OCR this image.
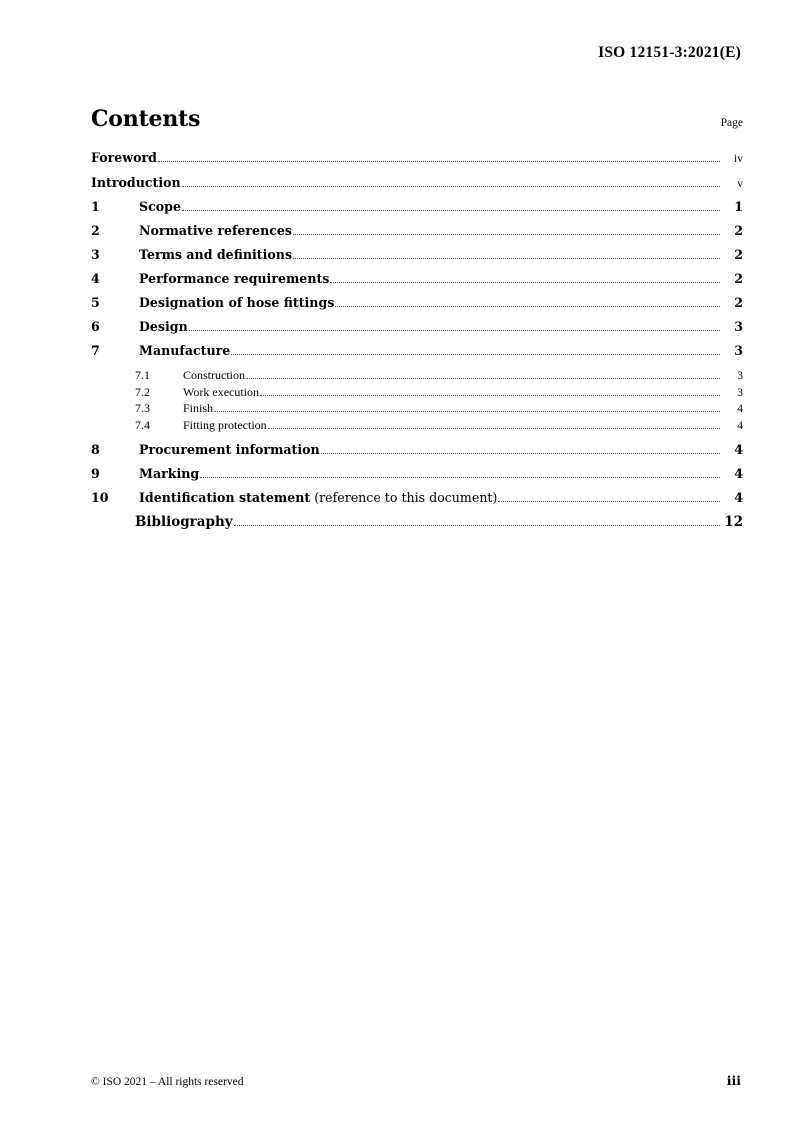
ISO 12151-3:2021(E)
Contents	Page
Foreword	iv
Introduction	v
1	Scope	1
2	Normative references	2
3	Terms and definitions	2
4	Performance requirements	2
5	Designation of hose fittings	2
6	Design	3
7	Manufacture	3
7.1	Construction	3
7.2	Work execution	3
7.3	Finish	4
7.4	Fitting protection	4
8	Procurement information	4
9	Marking	4
10	Identification statement (reference to this document)	4
Bibliography	12
© ISO 2021 – All rights reserved	iii
